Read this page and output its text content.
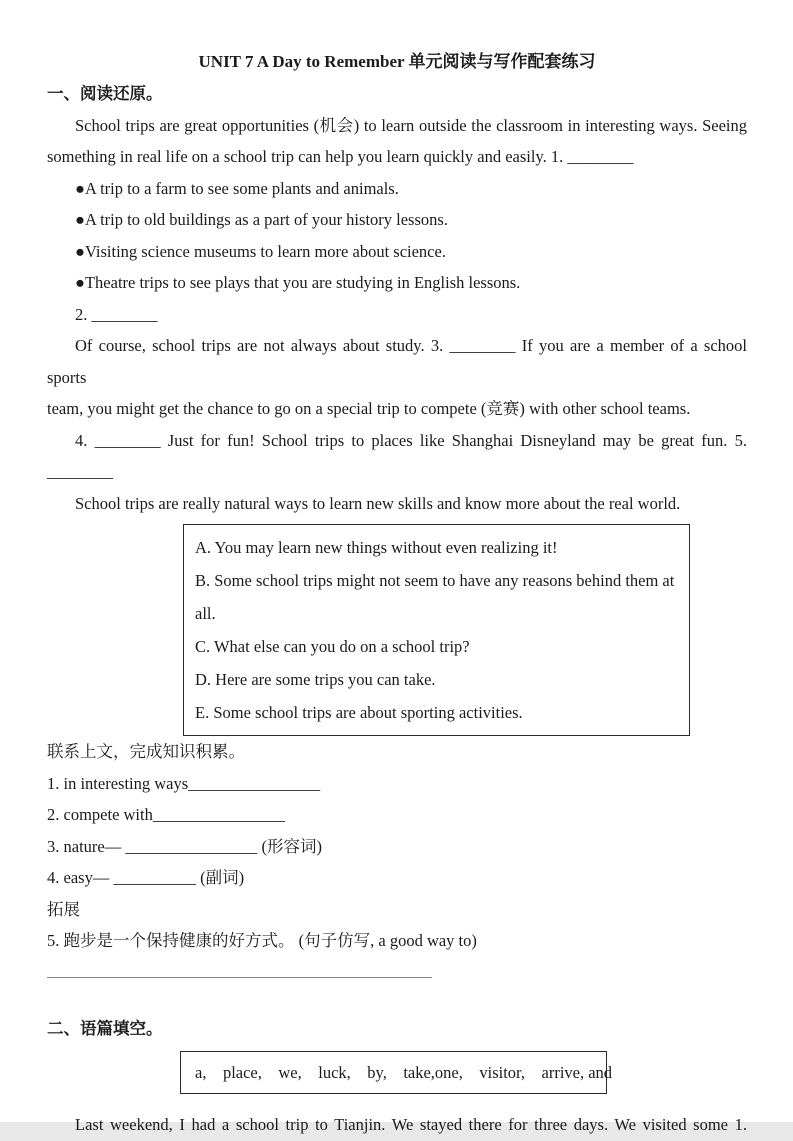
UNIT 7 A Day to Remember 单元阅读与写作配套练习
一、阅读还原。
School trips are great opportunities (机会) to learn outside the classroom in interesting ways. Seeing
something in real life on a school trip can help you learn quickly and easily. 1. ________
●A trip to a farm to see some plants and animals.
●A trip to old buildings as a part of your history lessons.
●Visiting science museums to learn more about science.
●Theatre trips to see plays that you are studying in English lessons.
2. ________
Of course, school trips are not always about study. 3. ________ If you are a member of a school sports
team, you might get the chance to go on a special trip to compete (竞赛) with other school teams.
4. ________ Just for fun! School trips to places like Shanghai Disneyland may be great fun. 5.
________
School trips are really natural ways to learn new skills and know more about the real world.
A. You may learn new things without even realizing it!
B. Some school trips might not seem to have any reasons behind them at all.
C. What else can you do on a school trip?
D. Here are some trips you can take.
E. Some school trips are about sporting activities.
联系上文，完成知识积累。
1. in interesting ways________________
2. compete with________________
3. nature— ________________ (形容词)
4. easy— __________ (副词)
拓展
5. 跑步是一个保持健康的好方式。 (句子仿写, a good way to)
二、语篇填空。
a,    place,    we,    luck,    by,    take,one,    visitor,    arrive, and
Last weekend, I had a school trip to Tianjin. We stayed there for three days. We visited some 1.
